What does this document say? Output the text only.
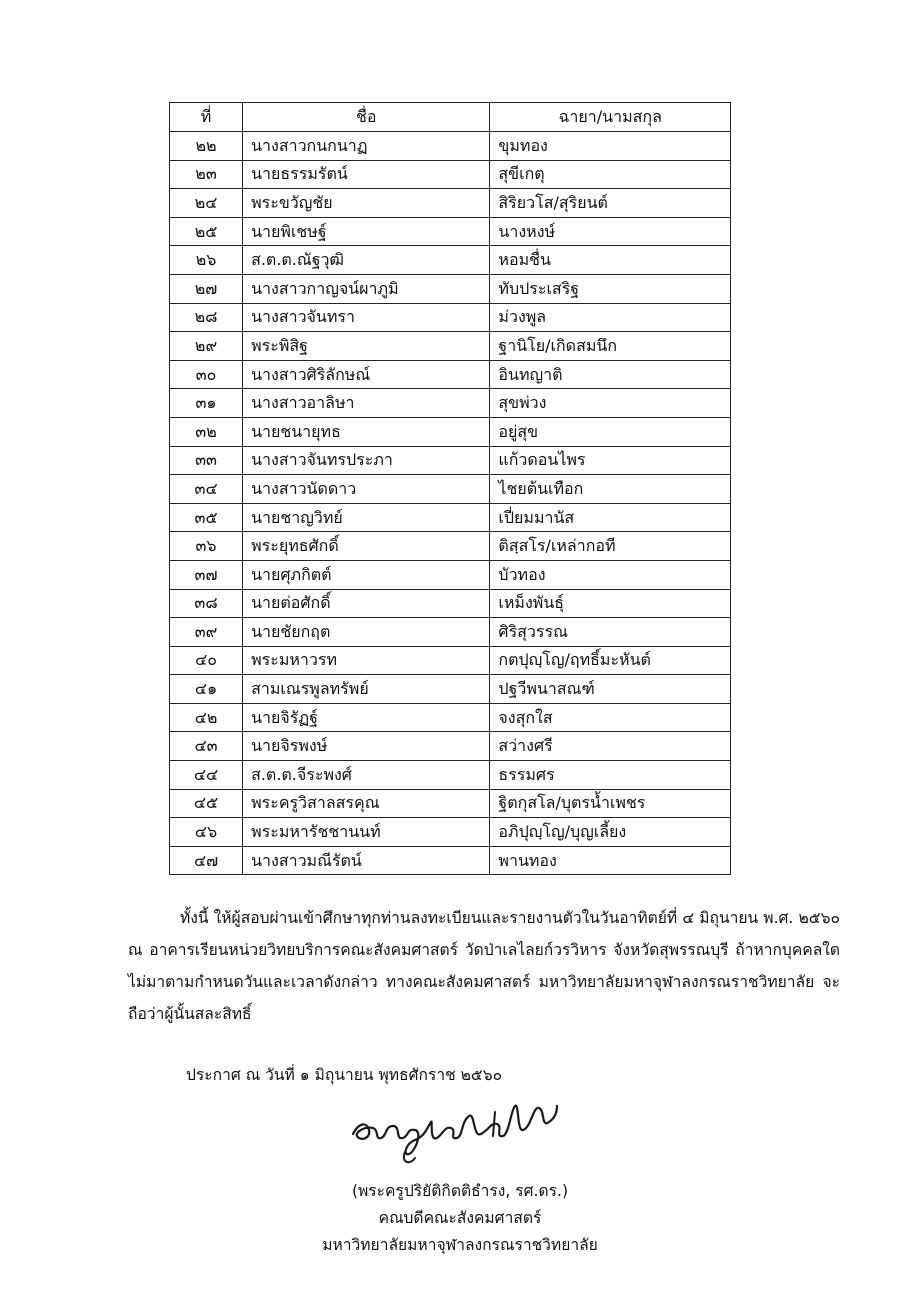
ที่	ชื่อ	ฉายา/นามสกุล
๒๒	นางสาวกนกนาฏ	ขุมทอง
๒๓	นายธรรมรัตน์	สุขีเกตุ
๒๔	พระขวัญชัย	สิริยวโส/สุริยนต์
๒๕	นายพิเชษฐ์	นางหงษ์
๒๖	ส.ต.ต.ณัฐวุฒิ	หอมชื่น
๒๗	นางสาวกาญจน์ผาภูมิ	ทับประเสริฐ
๒๘	นางสาวจันทรา	ม่วงพูล
๒๙	พระพิสิฐ	ฐานิโย/เกิดสมนึก
๓๐	นางสาวศิริลักษณ์	อินทญาติ
๓๑	นางสาวอาลิษา	สุขพ่วง
๓๒	นายชนายุทธ	อยู่สุข
๓๓	นางสาวจันทรประภา	แก้วดอนไพร
๓๔	นางสาวนัดดาว	ไชยต้นเทือก
๓๕	นายชาญวิทย์	เปี่ยมมานัส
๓๖	พระยุทธศักดิ์	ติสฺสโร/เหล่ากอที
๓๗	นายศุภกิตต์	บัวทอง
๓๘	นายต่อศักดิ์	เหม็งพันธุ์
๓๙	นายชัยกฤต	ศิริสุวรรณ
๔๐	พระมหาวรท	กตปุญฺโญ/ฤทธิ์มะหันต์
๔๑	สามเณรพูลทรัพย์	ปฐวีพนาสณฑ์
๔๒	นายจิรัฏฐ์	จงสุกใส
๔๓	นายจิรพงษ์	สว่างศรี
๔๔	ส.ต.ต.จีระพงศ์	ธรรมศร
๔๕	พระครูวิสาลสรคุณ	ฐิตกุสโล/บุตรน้ำเพชร
๔๖	พระมหารัชชานนท์	อภิปุญฺโญ/บุญเลี้ยง
๔๗	นางสาวมณีรัตน์	พานทอง
ทั้งนี้ ให้ผู้สอบผ่านเข้าศึกษาทุกท่านลงทะเบียนและรายงานตัวในวันอาทิตย์ที่ ๔ มิถุนายน พ.ศ. ๒๕๖๐ ณ อาคารเรียนหน่วยวิทยบริการคณะสังคมศาสตร์ วัดป่าเลไลยก์วรวิหาร จังหวัดสุพรรณบุรี ถ้าหากบุคคลใดไม่มาตามกำหนดวันและเวลาดังกล่าว ทางคณะสังคมศาสตร์ มหาวิทยาลัยมหาจุฬาลงกรณราชวิทยาลัย จะถือว่าผู้นั้นสละสิทธิ์
ประกาศ ณ วันที่ ๑ มิถุนายน พุทธศักราช ๒๕๖๐
(พระครูปริยัติกิตติธำรง, รศ.ดร.)
คณบดีคณะสังคมศาสตร์
มหาวิทยาลัยมหาจุฬาลงกรณราชวิทยาลัย
